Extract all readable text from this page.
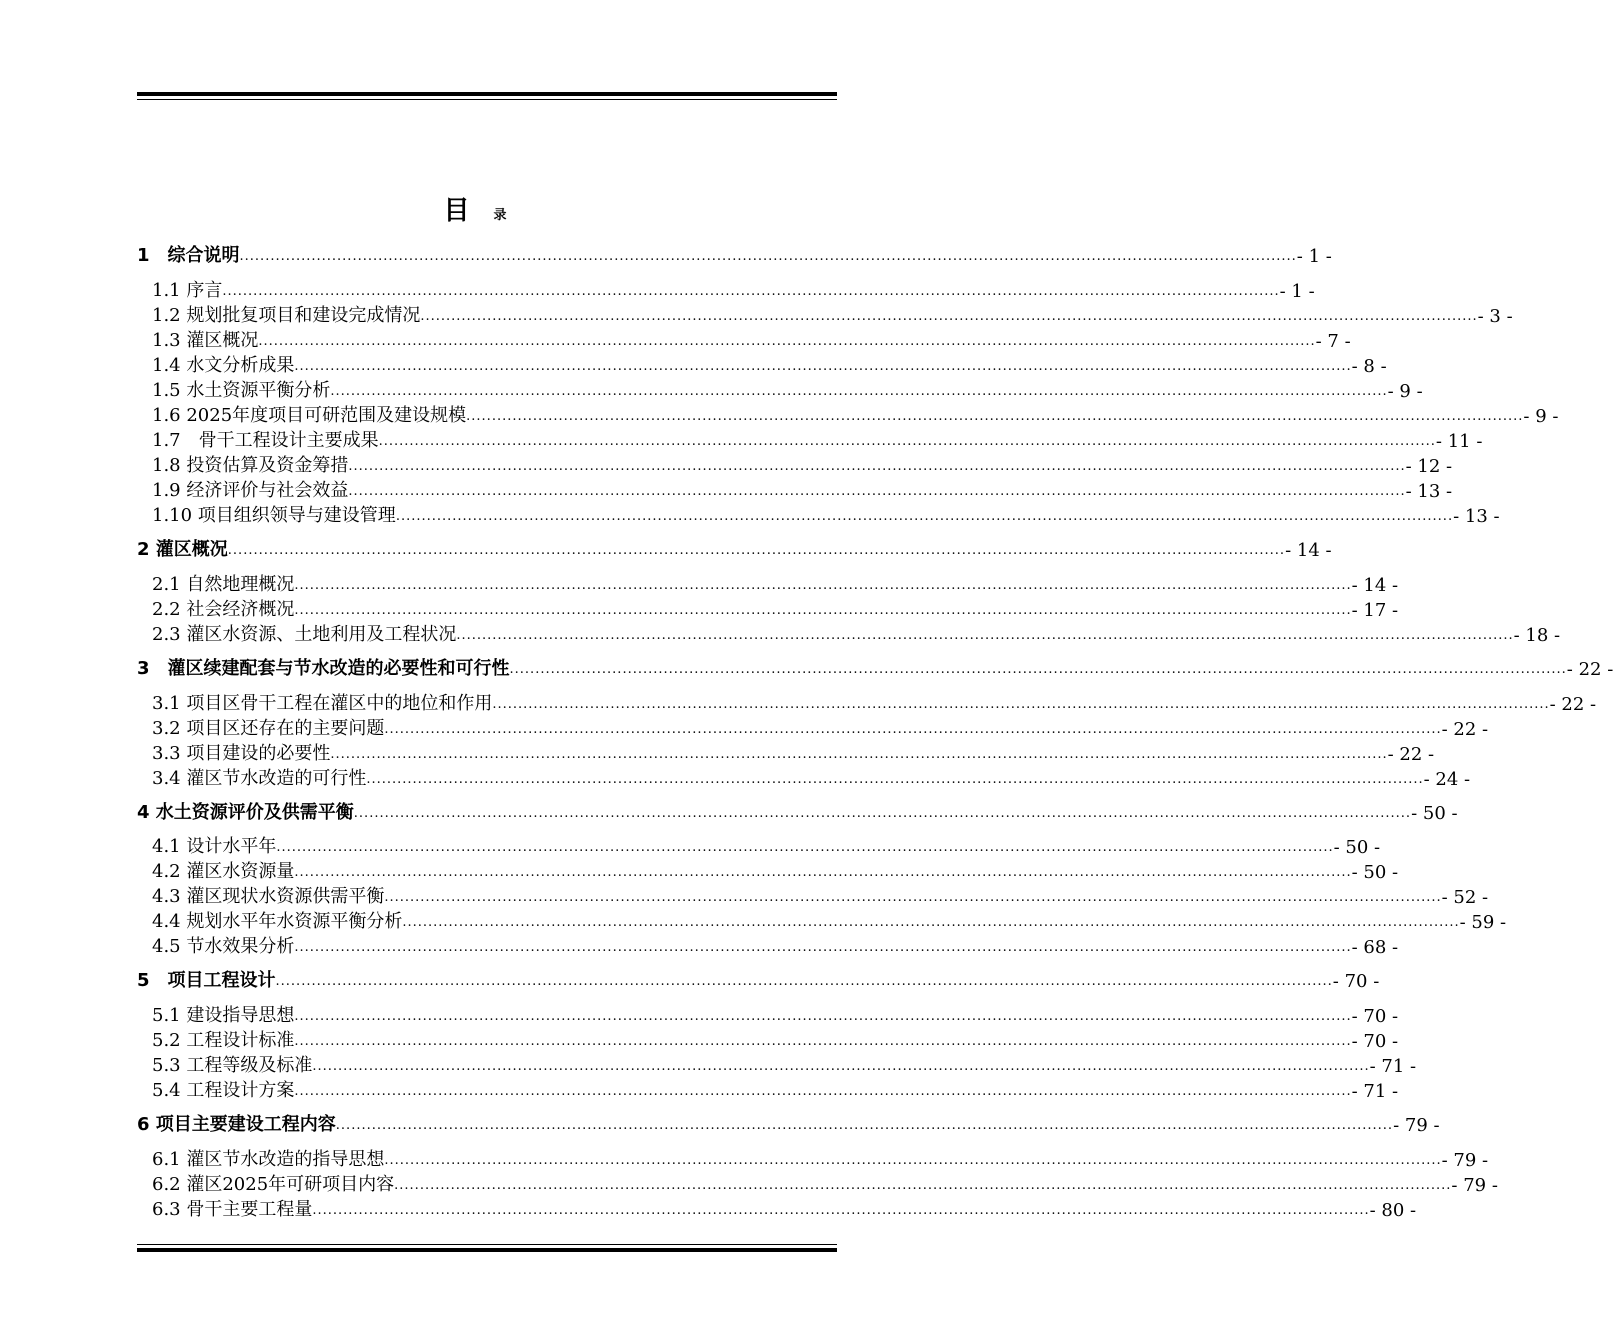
目 录
1　综合说明 .............................................................................................................................................................................................................. - 1 -
1.1 序言 .............................................................................................................................................................................................................. - 1 -
1.2 规划批复项目和建设完成情况 .............................................................................................................................................................................................................. - 3 -
1.3 灌区概况 .............................................................................................................................................................................................................. - 7 -
1.4 水文分析成果 .............................................................................................................................................................................................................. - 8 -
1.5 水土资源平衡分析 .............................................................................................................................................................................................................. - 9 -
1.6 2025年度项目可研范围及建设规模 .............................................................................................................................................................................................................. - 9 -
1.7　骨干工程设计主要成果 .............................................................................................................................................................................................................. - 11 -
1.8 投资估算及资金筹措 .............................................................................................................................................................................................................. - 12 -
1.9 经济评价与社会效益 .............................................................................................................................................................................................................. - 13 -
1.10 项目组织领导与建设管理 .............................................................................................................................................................................................................. - 13 -
2 灌区概况 .............................................................................................................................................................................................................. - 14 -
2.1 自然地理概况 .............................................................................................................................................................................................................. - 14 -
2.2 社会经济概况 .............................................................................................................................................................................................................. - 17 -
2.3 灌区水资源、土地利用及工程状况 .............................................................................................................................................................................................................. - 18 -
3　灌区续建配套与节水改造的必要性和可行性 .............................................................................................................................................................................................................. - 22 -
3.1 项目区骨干工程在灌区中的地位和作用 .............................................................................................................................................................................................................. - 22 -
3.2 项目区还存在的主要问题 .............................................................................................................................................................................................................. - 22 -
3.3 项目建设的必要性 .............................................................................................................................................................................................................. - 22 -
3.4 灌区节水改造的可行性 .............................................................................................................................................................................................................. - 24 -
4 水土资源评价及供需平衡 .............................................................................................................................................................................................................. - 50 -
4.1 设计水平年 .............................................................................................................................................................................................................. - 50 -
4.2 灌区水资源量 .............................................................................................................................................................................................................. - 50 -
4.3 灌区现状水资源供需平衡 .............................................................................................................................................................................................................. - 52 -
4.4 规划水平年水资源平衡分析 .............................................................................................................................................................................................................. - 59 -
4.5 节水效果分析 .............................................................................................................................................................................................................. - 68 -
5　项目工程设计 .............................................................................................................................................................................................................. - 70 -
5.1 建设指导思想 .............................................................................................................................................................................................................. - 70 -
5.2 工程设计标准 .............................................................................................................................................................................................................. - 70 -
5.3 工程等级及标准 .............................................................................................................................................................................................................. - 71 -
5.4 工程设计方案 .............................................................................................................................................................................................................. - 71 -
6 项目主要建设工程内容 .............................................................................................................................................................................................................. - 79 -
6.1 灌区节水改造的指导思想 .............................................................................................................................................................................................................. - 79 -
6.2 灌区2025年可研项目内容 .............................................................................................................................................................................................................. - 79 -
6.3 骨干主要工程量 .............................................................................................................................................................................................................. - 80 -
